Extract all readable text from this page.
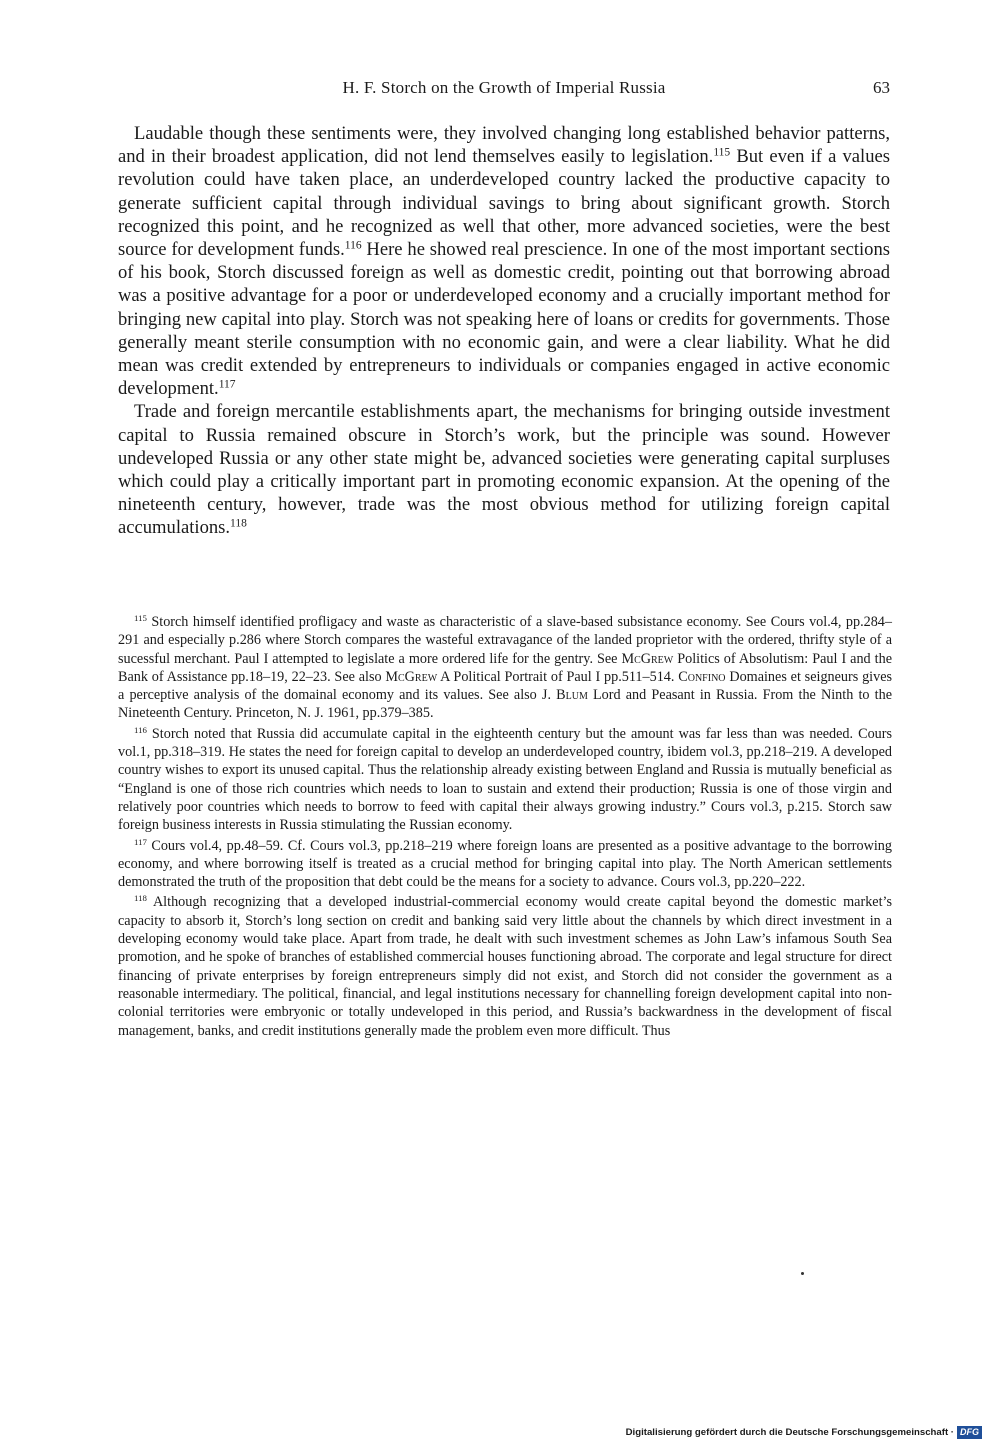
H. F. Storch on the Growth of Imperial Russia	63

Laudable though these sentiments were, they involved changing long established behavior patterns, and in their broadest application, did not lend themselves easily to legislation.$^{115}$ But even if a values revolution could have taken place, an underdeveloped country lacked the productive capacity to generate sufficient capital through individual savings to bring about significant growth. Storch recognized this point, and he recognized as well that other, more advanced societies, were the best source for development funds.$^{116}$ Here he showed real prescience. In one of the most important sections of his book, Storch discussed foreign as well as domestic credit, pointing out that borrowing abroad was a positive advantage for a poor or underdeveloped economy and a crucially important method for bringing new capital into play. Storch was not speaking here of loans or credits for governments. Those generally meant sterile consumption with no economic gain, and were a clear liability. What he did mean was credit extended by entrepreneurs to individuals or companies engaged in active economic development.$^{117}$

Trade and foreign mercantile establishments apart, the mechanisms for bringing outside investment capital to Russia remained obscure in Storch’s work, but the principle was sound. However undeveloped Russia or any other state might be, advanced societies were generating capital surpluses which could play a critically important part in promoting economic expansion. At the opening of the nineteenth century, however, trade was the most obvious method for utilizing foreign capital accumulations.$^{118}$

$^{115}$ Storch himself identified profligacy and waste as characteristic of a slave-based subsistance economy. See Cours vol.4, pp.284–291 and especially p.286 where Storch compares the wasteful extravagance of the landed proprietor with the ordered, thrifty style of a sucessful merchant. Paul I attempted to legislate a more ordered life for the gentry. See McGrew Politics of Absolutism: Paul I and the Bank of Assistance pp.18–19, 22–23. See also McGrew A Political Portrait of Paul I pp.511–514. Confino Domaines et seigneurs gives a perceptive analysis of the domainal economy and its values. See also J. Blum Lord and Peasant in Russia. From the Ninth to the Nineteenth Century. Princeton, N. J. 1961, pp.379–385.

$^{116}$ Storch noted that Russia did accumulate capital in the eighteenth century but the amount was far less than was needed. Cours vol.1, pp.318–319. He states the need for foreign capital to develop an underdeveloped country, ibidem vol.3, pp.218–219. A developed country wishes to export its unused capital. Thus the relationship already existing between England and Russia is mutually beneficial as “England is one of those rich countries which needs to loan to sustain and extend their production; Russia is one of those virgin and relatively poor countries which needs to borrow to feed with capital their always growing industry.” Cours vol.3, p.215. Storch saw foreign business interests in Russia stimulating the Russian economy.

$^{117}$ Cours vol.4, pp.48–59. Cf. Cours vol.3, pp.218–219 where foreign loans are presented as a positive advantage to the borrowing economy, and where borrowing itself is treated as a crucial method for bringing capital into play. The North American settlements demonstrated the truth of the proposition that debt could be the means for a society to advance. Cours vol.3, pp.220–222.

$^{118}$ Although recognizing that a developed industrial-commercial economy would create capital beyond the domestic market’s capacity to absorb it, Storch’s long section on credit and banking said very little about the channels by which direct investment in a developing economy would take place. Apart from trade, he dealt with such investment schemes as John Law’s infamous South Sea promotion, and he spoke of branches of established commercial houses functioning abroad. The corporate and legal structure for direct financing of private enterprises by foreign entrepreneurs simply did not exist, and Storch did not consider the government as a reasonable intermediary. The political, financial, and legal institutions necessary for channelling foreign development capital into non-colonial territories were embryonic or totally undeveloped in this period, and Russia’s backwardness in the development of fiscal management, banks, and credit institutions generally made the problem even more difficult. Thus

Digitalisierung gefördert durch die Deutsche Forschungsgemeinschaft · DFG
